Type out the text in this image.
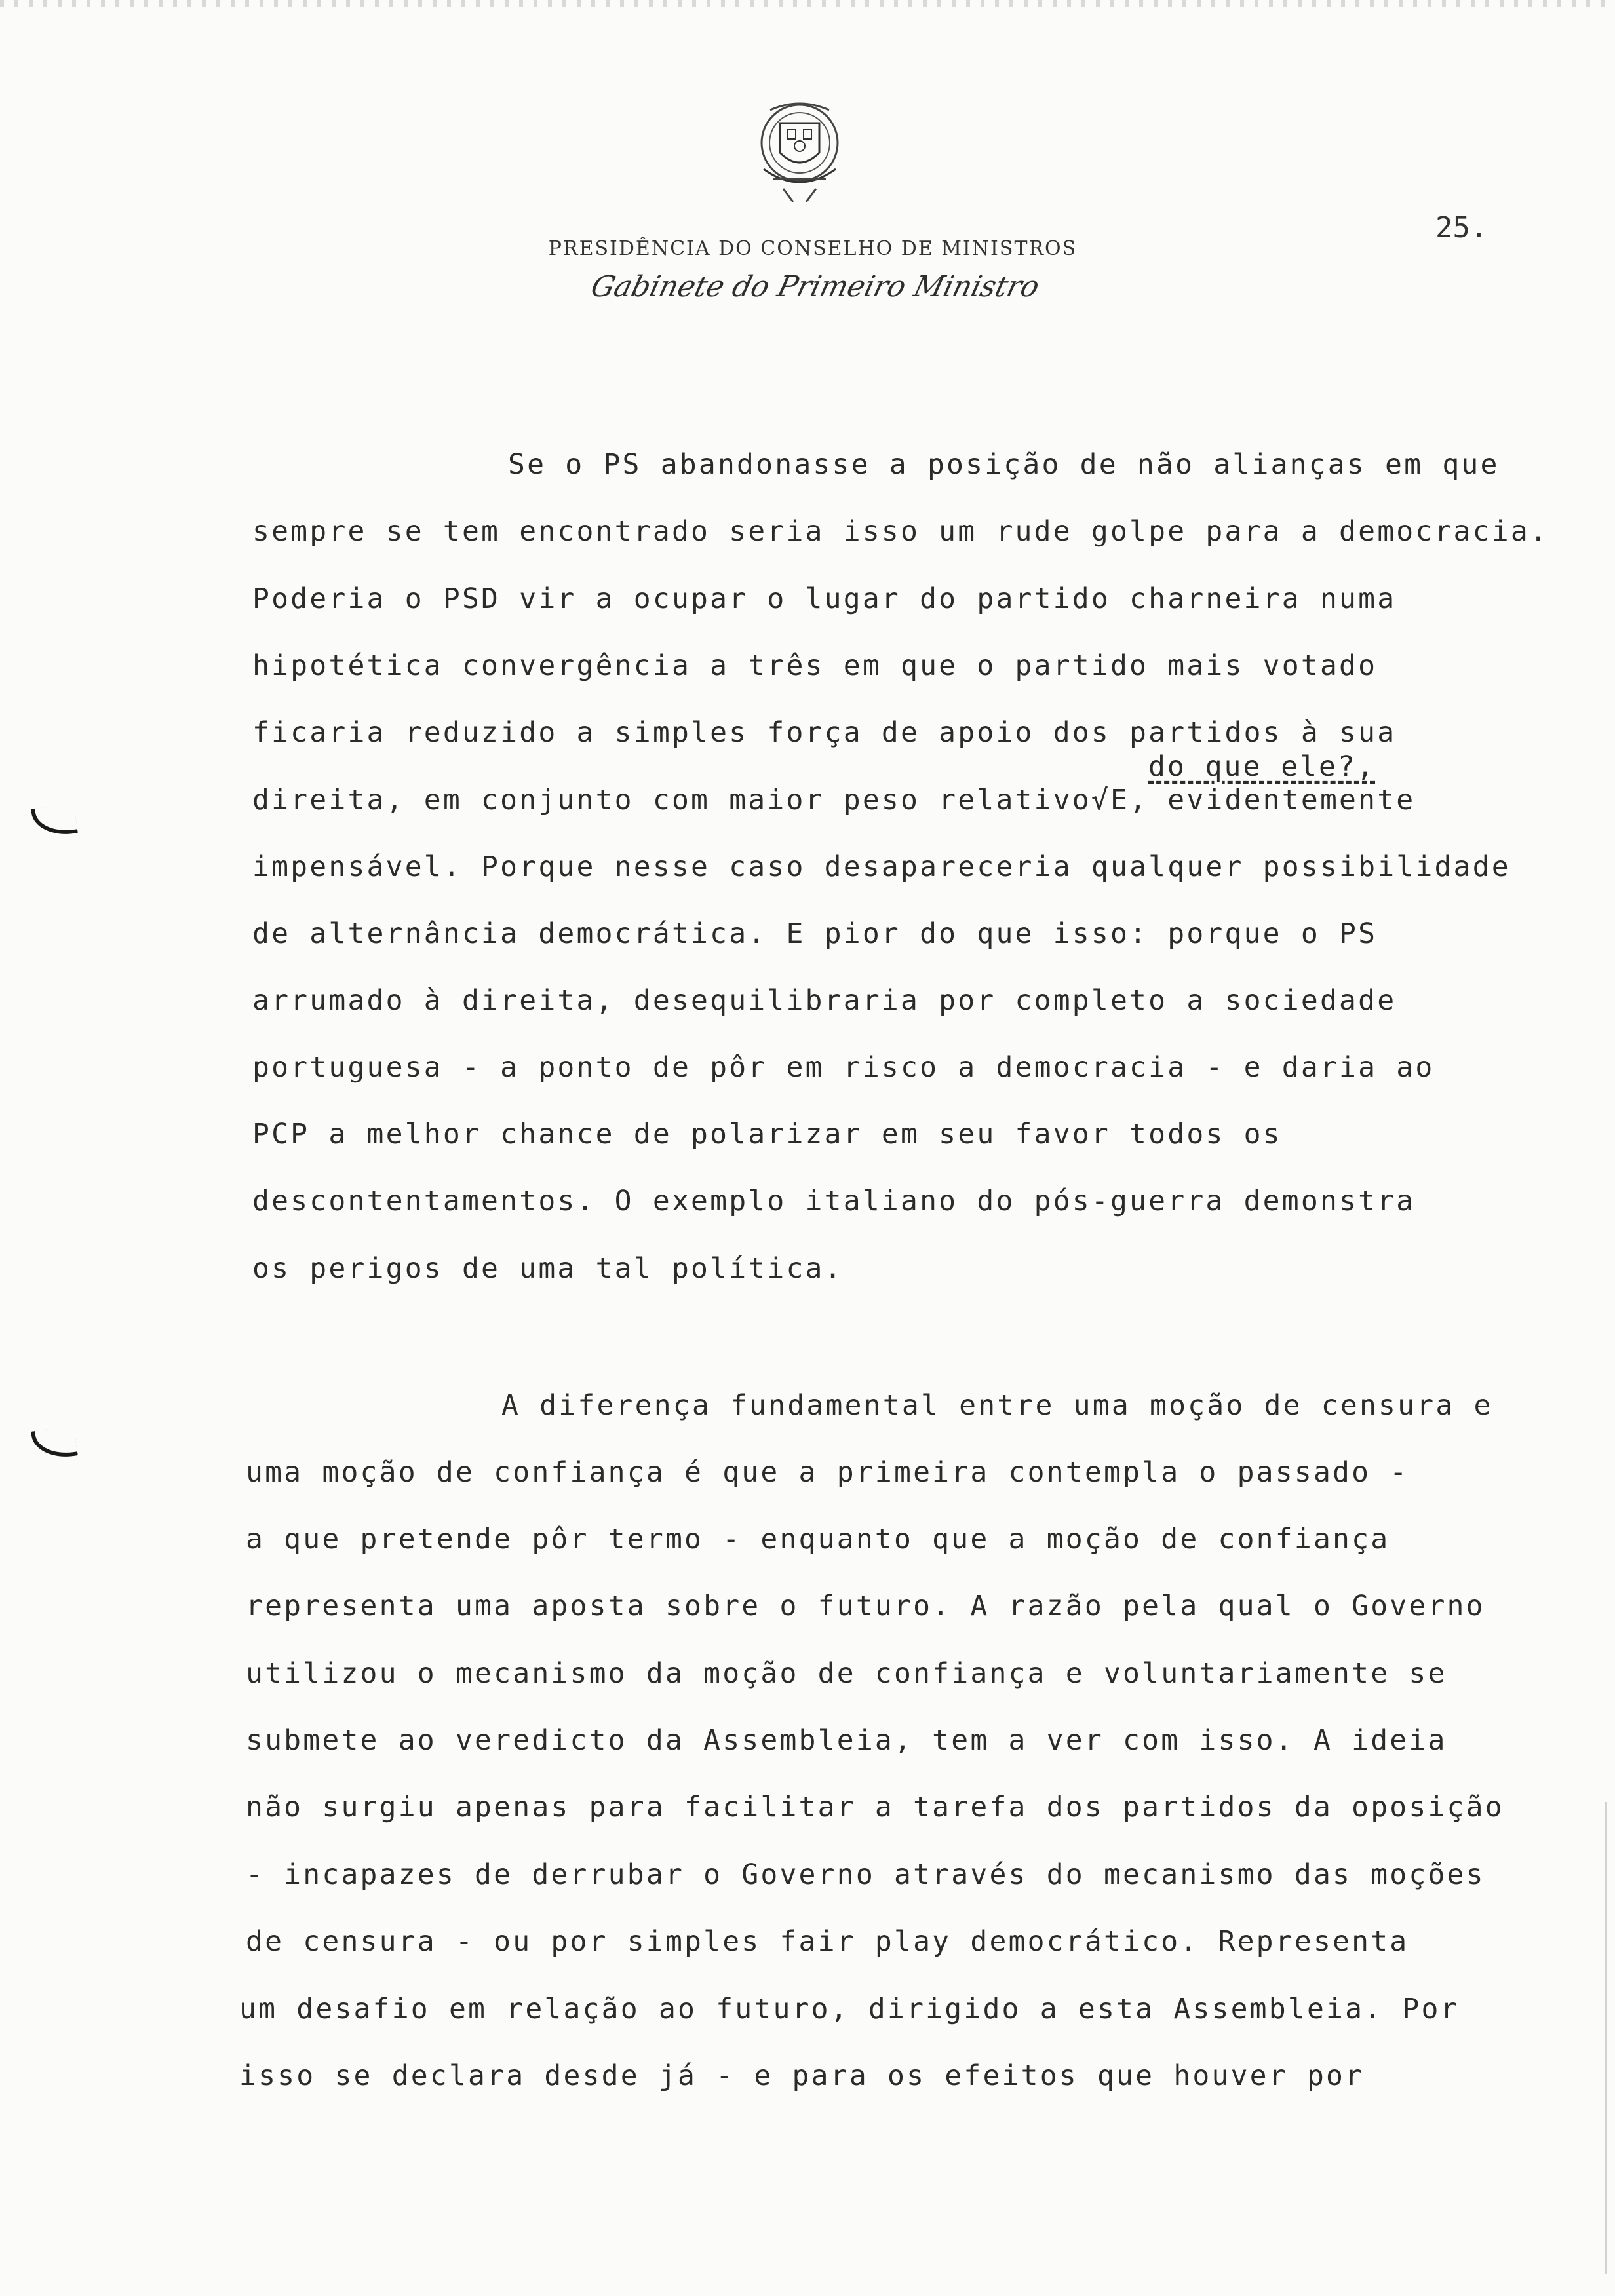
PRESIDÊNCIA DO CONSELHO DE MINISTROS
Gabinete do Primeiro Ministro
25.
do que ele?,
Se o PS abandonasse a posição de não alianças em que
sempre se tem encontrado seria isso um rude golpe para a democracia.
Poderia o PSD vir a ocupar o lugar do partido charneira numa
hipotética convergência a três em que o partido mais votado
ficaria reduzido a simples força de apoio dos partidos à sua
direita, em conjunto com maior peso relativo√E, evidentemente
impensável. Porque nesse caso desapareceria qualquer possibilidade
de alternância democrática. E pior do que isso: porque o PS
arrumado à direita, desequilibraria por completo a sociedade
portuguesa - a ponto de pôr em risco a democracia - e daria ao
PCP a melhor chance de polarizar em seu favor todos os
descontentamentos. O exemplo italiano do pós-guerra demonstra
os perigos de uma tal política.
A diferença fundamental entre uma moção de censura e
uma moção de confiança é que a primeira contempla o passado -
a que pretende pôr termo - enquanto que a moção de confiança
representa uma aposta sobre o futuro. A razão pela qual o Governo
utilizou o mecanismo da moção de confiança e voluntariamente se
submete ao veredicto da Assembleia, tem a ver com isso. A ideia
não surgiu apenas para facilitar a tarefa dos partidos da oposição
- incapazes de derrubar o Governo através do mecanismo das moções
de censura - ou por simples fair play democrático. Representa
um desafio em relação ao futuro, dirigido a esta Assembleia. Por
isso se declara desde já - e para os efeitos que houver por
